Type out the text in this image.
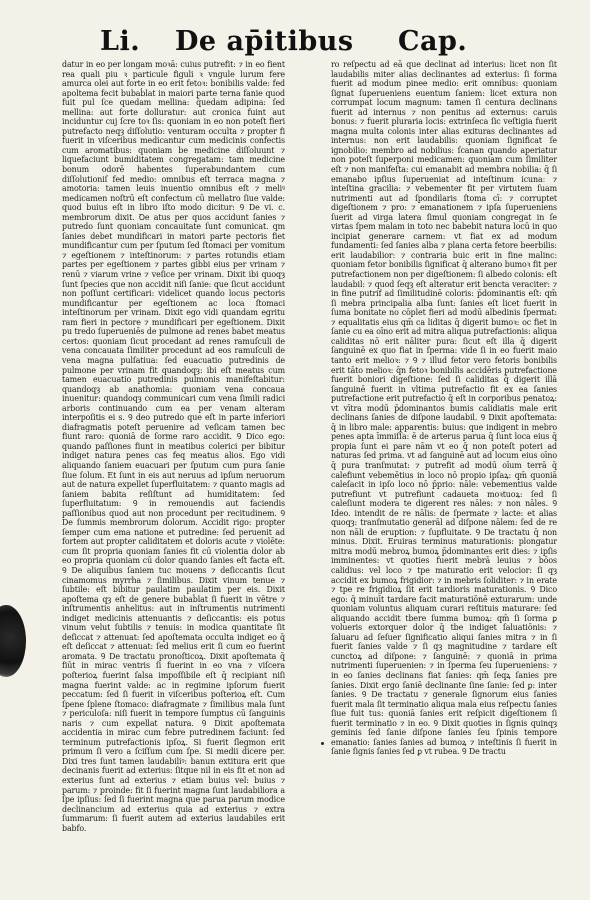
Li. De ap̄itibus Cap.

datur in eo per longam moꝛā: cuius putrefit: ⁊ in eo fient rea quali piu ꝛ particule figuli ꝛ vngule lurum fere amurca olei aut forte in eo erit fetoꝛ: bonibilis valde: fed apoltema fecit bubaḃlat in maiori parte terna fanie quod fuit pul ſce quedam mellina: q̄uedam adipina: ſed mellina: aut forte dolluratur: aut cronica fuint aut inciduntur cuj ſcre toꝛ ſis: quoniam in eo non poteſt fieri putrefacto neqȝ diſſolutio: venturam occulta ⁊ propter fi fuerit in viſceribus medicantur cum medicinis confectis cum aromatibus: quoniam be medicine diſſoluunt ⁊ liquefaciunt bumiditatem congregatam: tam medicine bonum odorē habentes ſuperabundantem cum diſſolutioniſ fed medio: omnibus eſt terraca magna ⁊ amotoria: tamen leuis inuentio omnibus eſt ⁊ meliꝰ medicamen noſtrū eſt confectum cū mellatro ſiue valde: quod buius eſt in libro iſto modo dicitur: Ꝯ De vi. c. membrorum dixit. Ꝺe atus per quos accidunt ſanies ⁊ putredo ſunt quoniam concauitate ſunt comunicat. qm ſanies debet mundificari in matori parte pectoris fiet mundificantur cum per ſputum ſed ſtomaci per vomitum ⁊ egeſtionem ⁊ inteſtinorum: ⁊ partes rotundis etiam partes per egeſtionem ⁊ partes gibbi eius per vrinam ⁊ renū ⁊ viarum vrine ⁊ veſice per vrinam. Dixit ibi quoqȝ ſunt ſpecies que non accidit niſi ſanie: que ſicut accidunt non poſſunt certificari: videlicet quando locus pectoris mundificantur per egeſtionem ac loca ſtomaci inteſtinorum per vrinam. Dixit ego vidi quandam egritu ram fieri in pectore ⁊ mundificari per egeſtionem. Dixit pu tredo ſuperueniēs de pulmone ad renes babet meatus certos: quoniam ſicut procedant ad renes ramuſculi de vena concauata ſimiliter procedunt ad eos ramuſculi de vena magna pulſatiua: ſed euacuatio putredinis de pulmone per vrinam fit quandoqȝ: ibi eſt meatus cum tamen euacuatio putredinis pulmonis manifeſtabitur: quandoqȝ ab anathomia: quoniam vena concaua inuenitur: quandoqȝ communicari cum vena ſimili radici arboris continuando cum ea per venam alteram interpoſitis ei s. Ꝯ deo putredo que eſt in parte inferiori diafragmatis poteſt peruenire ad veſicam tamen bec fiunt raro: quoniā de ſorme raro accidit. Ꝯ Dico ego: quando paſſiones fiunt in meatibus colerici per bibitur indiget natura penes cas feq meatus alios. Ego vidi aliquando ſaniem euacuari per ſputum cum pura ſanie ſiue ſolum. Et ſunt in eis aut neruus ad ipſum neruorum aut de natura expellet ſuperfluitatem: ⁊ quanto magis ad ſaniem babita reſiſtunt ad humiditatem: ſed ſuperfluitatum: Ꝯ in remouendis aut faciendis paſſionibus quod aut non procedunt per recitudinem. Ꝯ De ſummis membrorum dolorum. Accidit rigo: propter ſemper cum ema natione et putredine: ſed peruenit ad fortem aut propter caliditatem et doloris acute ⁊ violēte: cum ſit propria quoniam ſanies fit cū violentia dolor ab eo propria quoniam cū dolor quando ſanies eſt facta eſt. Ꝯ De aliquibus ſaniem tuc mouens ⁊ deſiccantis ſicut cinamomus myrrha ⁊ ſimilibus. Dixit vinum tenue ⁊ ſubtile: eſt bibitur paulatim paulatim per eis. Dixit apoſtema qȝ eſt de genere bubaḃlat ſi fuerit in vētre ⁊ inſtrumentis anhelitus: aut in inſtrumentis nutrimenti indiget medicinis attenuantis ⁊ deſiccantis: eis potus vinum velut ſubtilis ⁊ tenuis: in modica quantitate ſit deſiccat ⁊ attenuat: ſed apoſtemata occulta indiget eo q̄ eſt deſiccat ⁊ attenuat: ſed melius erit ſi cum eo fuerint aromata. Ꝯ De tractatu pronoſticoꝝ. Dixit apoſtemata q̄ fiūt in mirac ventris ſi fuerint in eo vna ⁊ viſcera poſterioꝝ fuerint ſalsa impoſſibile eſt q̄ recipiant niſi magna fuerint valde: ac in regimine ipſorum fuerit peccatum: ſed ſi fuerit in viſceribus poſterioꝝ eſt. Cum ſpene ſplene ſtomaco: diafragmate ⁊ ſimilibus mala ſunt ⁊ periculoſa: niſi fuerit in tempore ſumptus cū ſanguinis naris ⁊ cum expellat natura. Ꝯ Dixit apoſtemata accidentia in mirac cum febre putredinem faciunt: ſed terminum putrefactionis ipſoꝝ. Si fuerit ſlegmon erit primum ſi vero a ſciſſum cum ſpe. Si medii dicere per. Dixi tres ſunt tamen laudabiliꝰ: banun extitura erit que decinanis fuerit ad exterius: ſitque nil in eis fit et non ad exterius ſunt ad exterius ⁊ etiam buius vel: buius ⁊ parum: ⁊ proinde: fit ſi fuerint magna ſunt laudabiliora a ſpe ipſius: ſed ſi fuerint magna que parua parum modice declinancium ad exterius quia ad exterius ⁊ extra ſummarum: ſi fuerit autem ad exterius laudabiles erit babfo.

ro reſpectu ad eā que declinat ad interius: licet non ſit laudabilis miter alias declinantes ad exterius: ſi forma fuerit ad modum pinee medio: erit omnibus: quoniam ſignat ſuperueniens euentum ſaniem: licet extura non corrumpat locum magnum: tamen ſi centura declinans fuerit ad internus ⁊ non penitus ad externus: caruis bonus: ⁊ fuerit pluraria locis: extrinſeca ſic veſtigia fuerit magna multa colonis inter alias exituras declinantes ad internus: non erit laudabilis: quoniam ſignificat ſe ignobilio: membro ad nobilius: ſcanan quando aperiatur non poteſt ſuperponi medicamen: quoniam cum ſimiliter eſt ⁊ non manifeſta: cui emanabit ad membra nobilia: q̄ ſi emanabo ipſius ſuperueniat ad inteſtinum icunaː ⁊ inteſtina gracilia: ⁊ vebementer fit per virtutem ſuam nutrimenti aut ad ſpondilaris ſtoma cī: ⁊ corruptet digeſtionem ⁊ pro: ⁊ emanationem ⁊ ipſa ſuperueniens ſuerit ad virga latera ſimul quoniam congregat in ſe virtas ſpem malam in toto nec babebit natura locū in quo incipiat generare carnem: vt fiat ex ad modum fundamenti: ſed ſanies alba ⁊ plana certa fetore beerbilis: erit laudabilior: ⁊ contraria buic erit in fine malinc: quoniam fetor bonibilis ſignificat q̄ alterano bumoꝛ fit per putrefactionem non per digeſtionem: ſi albedo colonis: eſt laudabil: ⁊ quod ſeqȝ eſt alteratur erit bencta veraciter: ⁊ in fine putrif ad ſimilitudinē coloris: p̄dominantis eſt: qm̄ ſi mebra principalia alba ſunt: ſanies eſt licet fuerit in ſuma bonitate no cōplet fieri ad modū albedinis ſpermat: ⁊ equalitatis eius qm̄ ca liditas q̄ digerit bumoꝛ: oc fiet in ſanie cu ea oīno erit ad mitra aliqua putrefactionis: aliqua caliditas nō erit nāliter pura: ſicut eſt illa q̄ digerit ſanguinē ex quo fiat in ſperma: vide ſi in eo fuerit maio tanto erit melioꝛ: ⁊ Ꝯ ⁊ illud fetor vero fetoris bonibilis erit tāto melioꝛ: q̄n fetoꝛ bonibilis accidēris putrefactione fuerit boniori digeſtione: ſed ſi caliditas q̄ digerit illā ſanguinē fuerit in vltima putrefactio fit ex ea ſanies putrefactione erit putrefactio q̄ eſt in corporibus penatoꝝ: vt vītra modū p̄dominantos bumis calidiatis male erit declinans ſanies de diſpone laudabil. Ꝯ Dixit apoſtemata: q̄ in libro male: apparentis: buius: que indigent in mebro penes apta īmmiſſa: ē de arterus parua q̄ ſunt loca eius q̄ propia ſunt ei pare nām vt eo q̄ non poteſt poteri ad naturas ſed prima. vt ad ſanguinē aut ad locum eius oīno q̄ pura tranſmutat: ⁊ putrefit ad modū oīum terrā q̄ calefiunt vebemētius in loco nō propio ipſaꝝ: qm̄ quoniā caleſacit in ipſo loco nō p̄prio: nāle: vebementius valde putrefiunt vt putrefiunt cadaueta moꝛtuoꝝ: ſed ſi caleſiunt modera te digerent res nāles: ⁊ non nāles. Ꝯ Ideo. intendit de re nālis: de ſpermate ⁊ lacte: et alias quoqȝ: tranſmutatio generāl ad diſpone nālem: ſed de re non nāli de eruption: ⁊ ſupfluitate. Ꝯ De tractatu q̄ non minus. Dixit. Eruiras terminus maturationis: plongatur mitra modū mebroꝝ bumoꝝ p̄dominantes erit dies: ⁊ ipſis imminentes: vt quoties fuerit mebrā leuius ⁊ bōos calidius: vel loco ⁊ tpe maturatio erit velocior: ſi qȝ accidit ex bumoꝝ frigidior: ⁊ in mebris ſoliditer: ⁊ in erate ⁊ tpe re frigidioꝝ ſit erit tardioris maturationis. Ꝯ Dico ego: q̄ minuīt tardare facit maturatiōnē exturarum: unde quoniam voluntus aliquam curari reſtituis maturare: ſed aliquando accidit tbere ſumma bumoꝝ: qm̄ ſi ſorma ꝑ volueris extorquer dolor q̄ tbe indiget ſaluatiōnis: ⁊ ſaluaru ad ſeſuer ſignificatio aliqui ſanies mitra ⁊ in ſi fuerit ſanies valde ⁊ ſi qȝ magnitudine ⁊ tardare eſt cunctoꝝ ad diſpone: ⁊ ſanguinē: ⁊ quoniā in prima nutrimenti ſuperuenien: ⁊ in ſperma ſeu ſuperueniens: ⁊ in eo ſanies declinans fiat ſanies: qm̄ ſeqꝝ ſanies pre ſanies. Dixit ergo ſaniē declinante ſine ſanie: ſed ꝑ: inter ſanies. Ꝯ De tractatu ⁊ generale ſignorum eius ſanies fuerit mala ſit terminatio aliqua mala eius reſpectu ſanies ſiue fuit tus: quoniā ſanies erit reſpicit digeſtionem ſi fuerit terminatio ⁊ in eo. Ꝯ Dixit quoties in ſignis quinqȝ geminis ſed ſanie diſpone ſanies ſeu ſpinis tempore emanatio: ſanies ſanies ad bumoꝝ ⁊ inteſtinis ſi fuerit in ſanie ſignis ſanies ſed ꝑ vt rubea. Ꝯ De tractu
